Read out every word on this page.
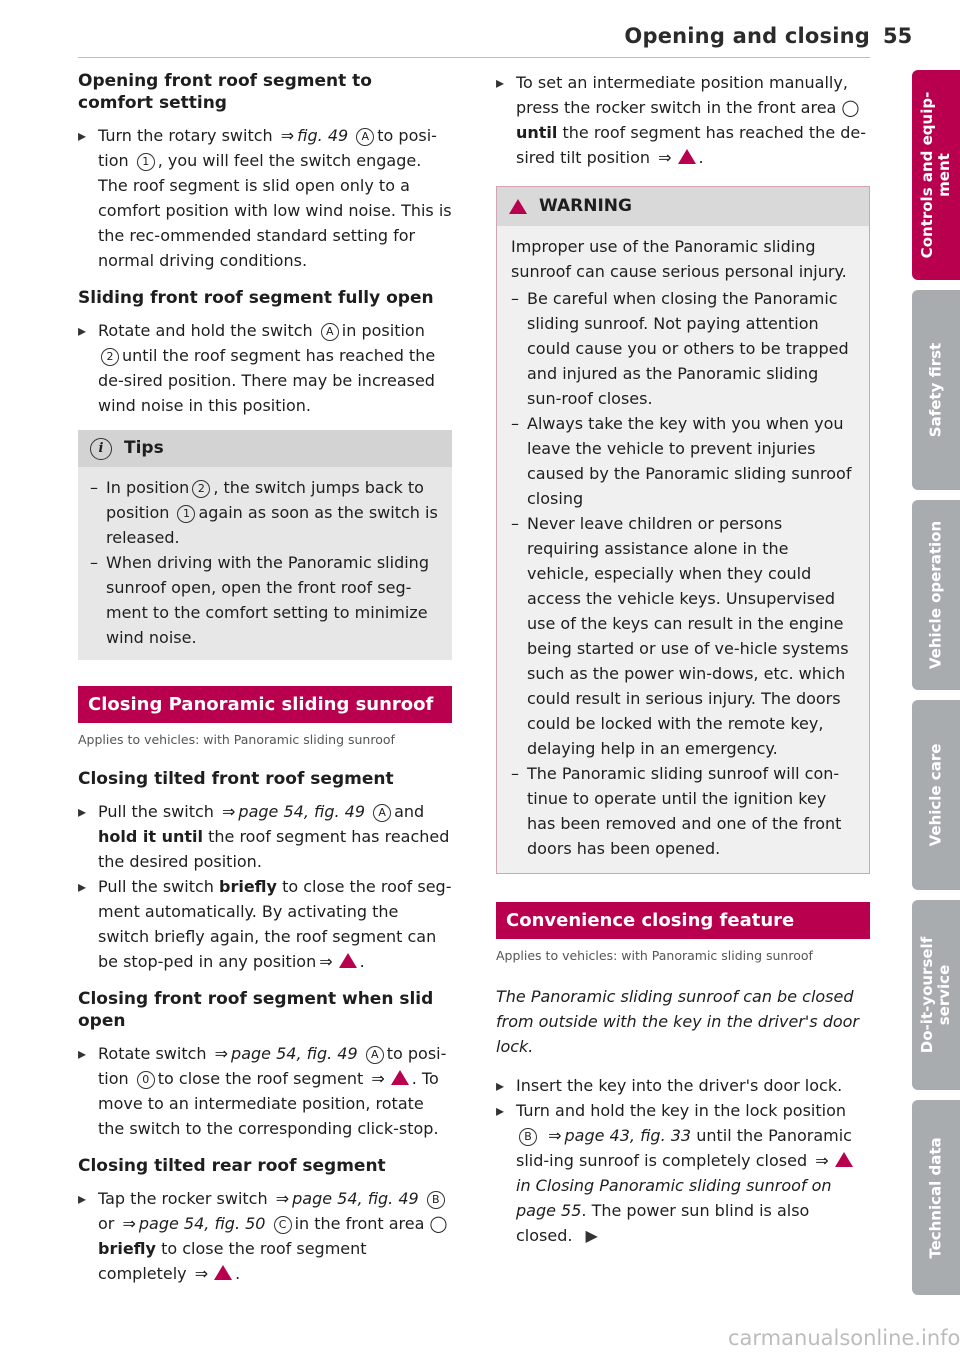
Opening and closing 55
Opening front roof segment to comfort setting

▸ Turn the rotary switch ⇒ fig. 49 A to posi-tion 1 , you will feel the switch engage. The roof segment is slid open only to a comfort position with low wind noise. This is the rec-ommended standard setting for normal driving conditions.

Sliding front roof segment fully open

▸ Rotate and hold the switch A in position 2 until the roof segment has reached the de-sired position. There may be increased wind noise in this position.

i	Tips

– In position 2 , the switch jumps back to position 1 again as soon as the switch is released.

– When driving with the Panoramic sliding sunroof open, open the front roof seg-ment to the comfort setting to minimize wind noise.

Closing Panoramic sliding sunroof
Applies to vehicles: with Panoramic sliding sunroof
Closing tilted front roof segment

▸ Pull the switch ⇒ page 54, fig. 49 A and hold it until the roof segment has reached the desired position.

▸ Pull the switch briefly to close the roof seg-ment automatically. By activating the switch briefly again, the roof segment can be stop-ped in any position ⇒ .

Closing front roof segment when slid open

▸ Rotate switch ⇒ page 54, fig. 49 A to posi-tion 0 to close the roof segment ⇒ . To move to an intermediate position, rotate the switch to the corresponding click-stop.

Closing tilted rear roof segment

▸ Tap the rocker switch ⇒ page 54, fig. 49 Bor ⇒ page 54, fig. 50 C in the front area ◯ briefly to close the roof segment completely ⇒ .

▸ To set an intermediate position manually, press the rocker switch in the front area ◯ until the roof segment has reached the de-sired tilt position ⇒ .

WARNING

Improper use of the Panoramic sliding sunroof can cause serious personal injury.

– Be careful when closing the Panoramic sliding sunroof. Not paying attention could cause you or others to be trapped and injured as the Panoramic sliding sun-roof closes.

– Always take the key with you when you leave the vehicle to prevent injuries caused by the Panoramic sliding sunroof closing

– Never leave children or persons requiring assistance alone in the vehicle, especially when they could access the vehicle keys. Unsupervised use of the keys can result in the engine being started or use of ve-hicle systems such as the power win-dows, etc. which could result in serious injury. The doors could be locked with the remote key, delaying help in an emergency.

– The Panoramic sliding sunroof will con-tinue to operate until the ignition key has been removed and one of the front doors has been opened.

Convenience closing feature
Applies to vehicles: with Panoramic sliding sunroof

The Panoramic sliding sunroof can be closed from outside with the key in the driver's door lock.

▸ Insert the key into the driver's door lock.

▸ Turn and hold the key in the lock position B ⇒ page 43, fig. 33 until the Panoramic slid-ing sunroof is completely closed ⇒ in Closing Panoramic sliding sunroof on page 55. The power sun blind is also closed. ▶

Controls and equip-
ment
Safety first
Vehicle operation
Vehicle care
Do-it-yourself
service
Technical data
carmanualsonline.info
